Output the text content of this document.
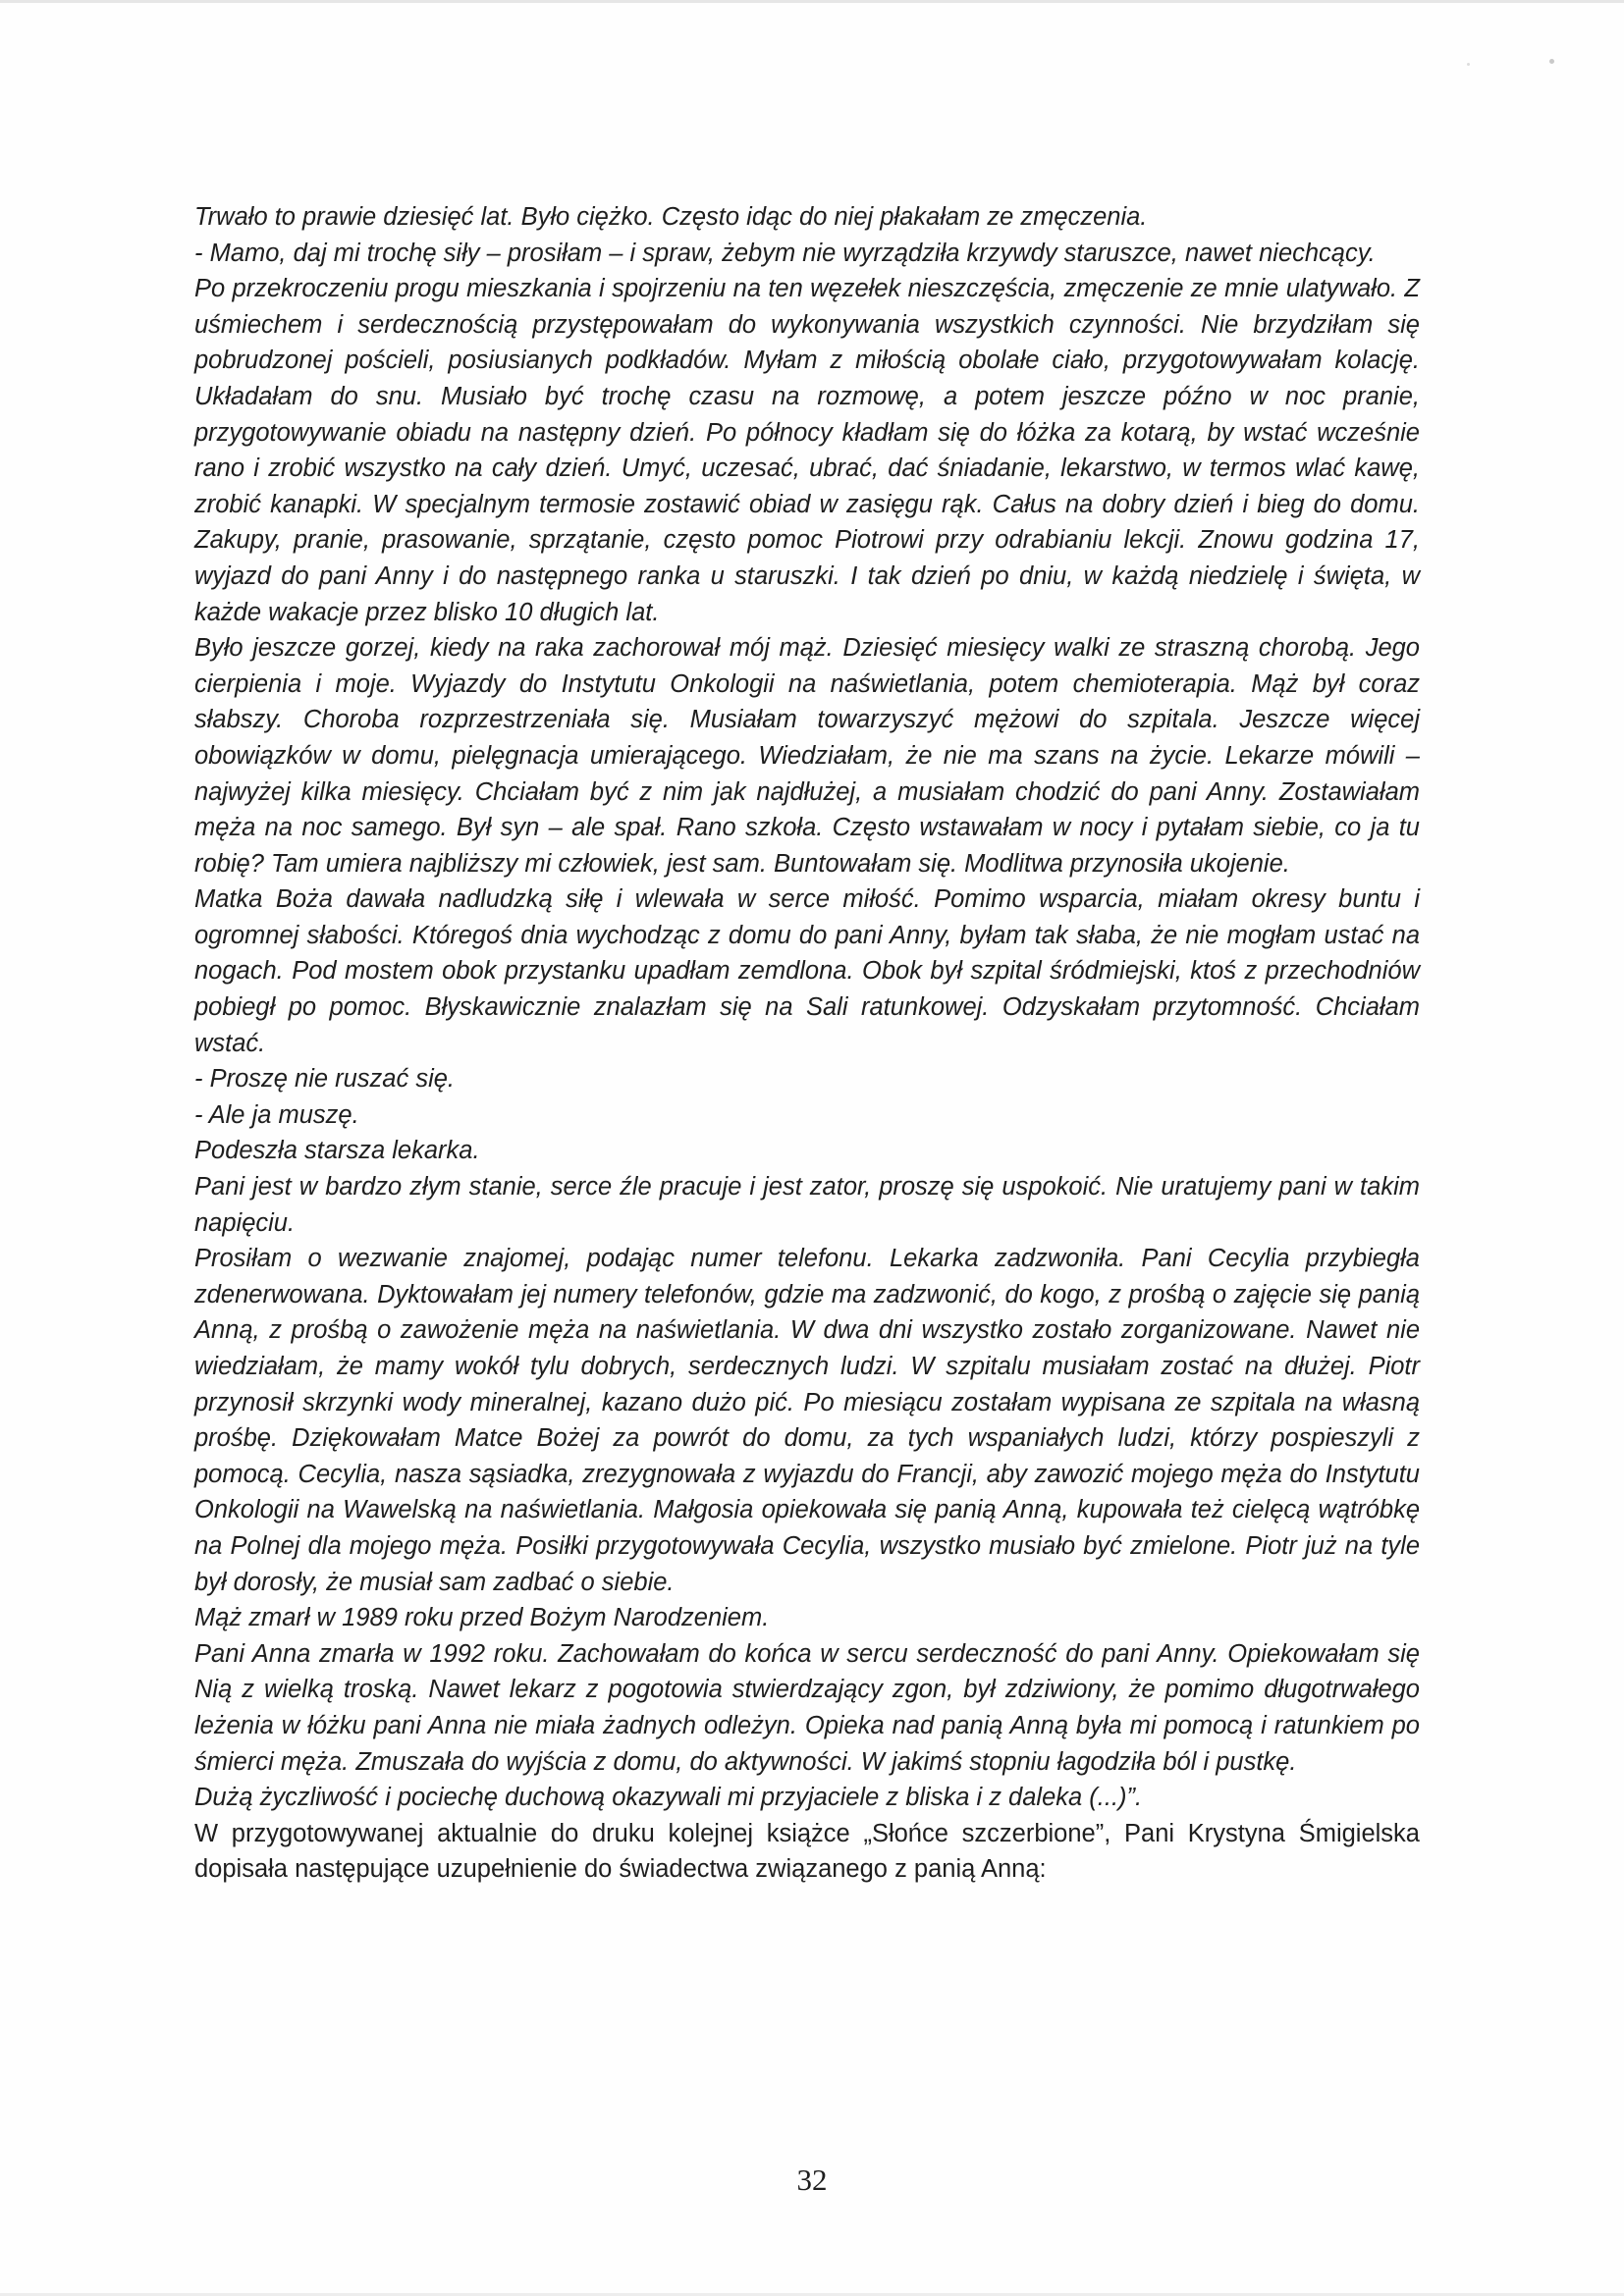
Trwało to prawie dziesięć lat. Było ciężko. Często idąc do niej płakałam ze zmęczenia.

- Mamo, daj mi trochę siły – prosiłam – i spraw, żebym nie wyrządziła krzywdy staruszce, nawet niechcący.

Po przekroczeniu progu mieszkania i spojrzeniu na ten węzełek nieszczęścia, zmęczenie ze mnie ulatywało. Z uśmiechem i serdecznością przystępowałam do wykonywania wszystkich czynności. Nie brzydziłam się pobrudzonej pościeli, posiusianych podkładów. Myłam z miłością obolałe ciało, przygotowywałam kolację. Układałam do snu. Musiało być trochę czasu na rozmowę, a potem jeszcze późno w noc pranie, przygotowywanie obiadu na następny dzień. Po północy kładłam się do łóżka za kotarą, by wstać wcześnie rano i zrobić wszystko na cały dzień. Umyć, uczesać, ubrać, dać śniadanie, lekarstwo, w termos wlać kawę, zrobić kanapki. W specjalnym termosie zostawić obiad w zasięgu rąk. Całus na dobry dzień i bieg do domu. Zakupy, pranie, prasowanie, sprzątanie, często pomoc Piotrowi przy odrabianiu lekcji. Znowu godzina 17, wyjazd do pani Anny i do następnego ranka u staruszki. I tak dzień po dniu, w każdą niedzielę i święta, w każde wakacje przez blisko 10 długich lat.

Było jeszcze gorzej, kiedy na raka zachorował mój mąż. Dziesięć miesięcy walki ze straszną chorobą. Jego cierpienia i moje. Wyjazdy do Instytutu Onkologii na naświetlania, potem chemioterapia. Mąż był coraz słabszy. Choroba rozprzestrzeniała się. Musiałam towarzyszyć mężowi do szpitala. Jeszcze więcej obowiązków w domu, pielęgnacja umierającego. Wiedziałam, że nie ma szans na życie. Lekarze mówili – najwyżej kilka miesięcy. Chciałam być z nim jak najdłużej, a musiałam chodzić do pani Anny. Zostawiałam męża na noc samego. Był syn – ale spał. Rano szkoła. Często wstawałam w nocy i pytałam siebie, co ja tu robię? Tam umiera najbliższy mi człowiek, jest sam. Buntowałam się. Modlitwa przynosiła ukojenie.

Matka Boża dawała nadludzką siłę i wlewała w serce miłość. Pomimo wsparcia, miałam okresy buntu i ogromnej słabości. Któregoś dnia wychodząc z domu do pani Anny, byłam tak słaba, że nie mogłam ustać na nogach. Pod mostem obok przystanku upadłam zemdlona. Obok był szpital śródmiejski, ktoś z przechodniów pobiegł po pomoc. Błyskawicznie znalazłam się na Sali ratunkowej. Odzyskałam przytomność. Chciałam wstać.

- Proszę nie ruszać się.

- Ale ja muszę.

Podeszła starsza lekarka.

Pani jest w bardzo złym stanie, serce źle pracuje i jest zator, proszę się uspokoić. Nie uratujemy pani w takim napięciu.

Prosiłam o wezwanie znajomej, podając numer telefonu. Lekarka zadzwoniła. Pani Cecylia przybiegła zdenerwowana. Dyktowałam jej numery telefonów, gdzie ma zadzwonić, do kogo, z prośbą o zajęcie się panią Anną, z prośbą o zawożenie męża na naświetlania. W dwa dni wszystko zostało zorganizowane. Nawet nie wiedziałam, że mamy wokół tylu dobrych, serdecznych ludzi. W szpitalu musiałam zostać na dłużej. Piotr przynosił skrzynki wody mineralnej, kazano dużo pić. Po miesiącu zostałam wypisana ze szpitala na własną prośbę. Dziękowałam Matce Bożej za powrót do domu, za tych wspaniałych ludzi, którzy pospieszyli z pomocą. Cecylia, nasza sąsiadka, zrezygnowała z wyjazdu do Francji, aby zawozić mojego męża do Instytutu Onkologii na Wawelską na naświetlania. Małgosia opiekowała się panią Anną, kupowała też cielęcą wątróbkę na Polnej dla mojego męża. Posiłki przygotowywała Cecylia, wszystko musiało być zmielone. Piotr już na tyle był dorosły, że musiał sam zadbać o siebie.

Mąż zmarł w 1989 roku przed Bożym Narodzeniem.

Pani Anna zmarła w 1992 roku. Zachowałam do końca w sercu serdeczność do pani Anny. Opiekowałam się Nią z wielką troską. Nawet lekarz z pogotowia stwierdzający zgon, był zdziwiony, że pomimo długotrwałego leżenia w łóżku pani Anna nie miała żadnych odleżyn. Opieka nad panią Anną była mi pomocą i ratunkiem po śmierci męża. Zmuszała do wyjścia z domu, do aktywności. W jakimś stopniu łagodziła ból i pustkę.

Dużą życzliwość i pociechę duchową okazywali mi przyjaciele z bliska i z daleka (...)”.

W przygotowywanej aktualnie do druku kolejnej książce „Słońce szczerbione”, Pani Krystyna Śmigielska dopisała następujące uzupełnienie do świadectwa związanego z panią Anną:

32
